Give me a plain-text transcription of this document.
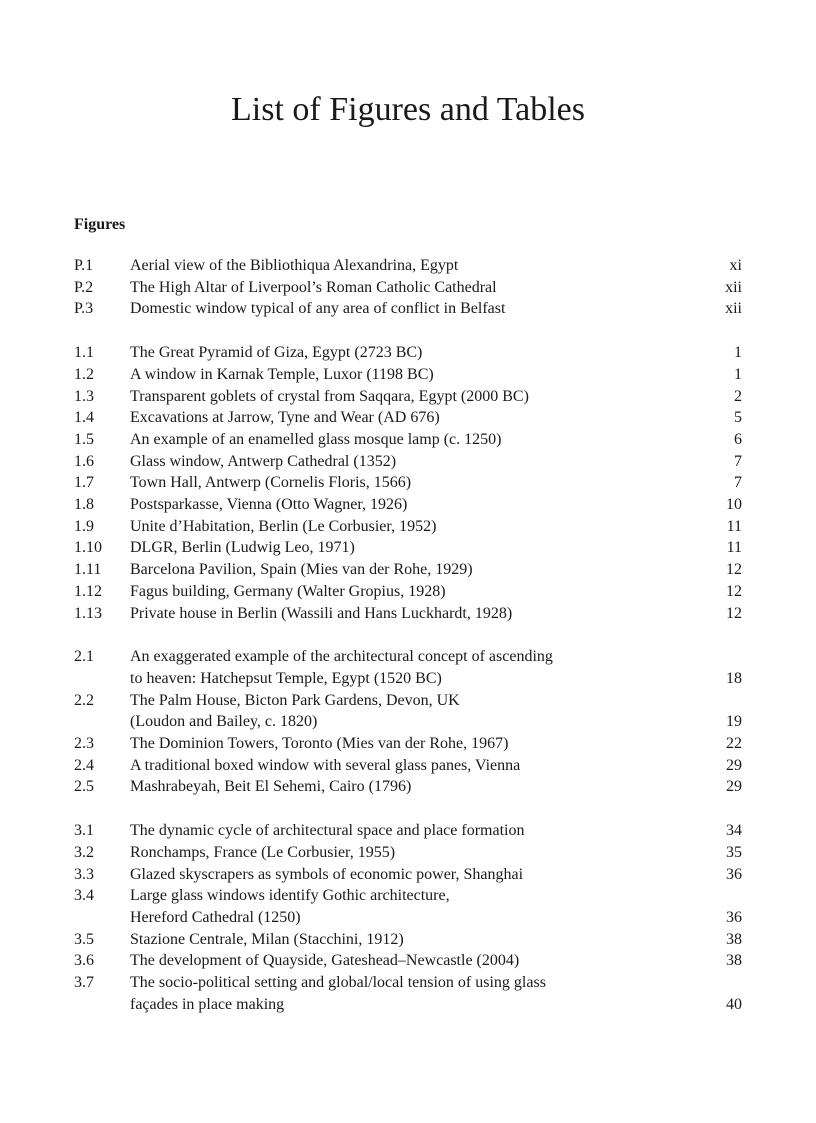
List of Figures and Tables
Figures
P.1 Aerial view of the Bibliothiqua Alexandrina, Egypt	xi
P.2 The High Altar of Liverpool’s Roman Catholic Cathedral	xii
P.3 Domestic window typical of any area of conflict in Belfast	xii
1.1 The Great Pyramid of Giza, Egypt (2723 BC)	1
1.2 A window in Karnak Temple, Luxor (1198 BC)	1
1.3 Transparent goblets of crystal from Saqqara, Egypt (2000 BC)	2
1.4 Excavations at Jarrow, Tyne and Wear (AD 676)	5
1.5 An example of an enamelled glass mosque lamp (c. 1250)	6
1.6 Glass window, Antwerp Cathedral (1352)	7
1.7 Town Hall, Antwerp (Cornelis Floris, 1566)	7
1.8 Postsparkasse, Vienna (Otto Wagner, 1926)	10
1.9 Unite d’Habitation, Berlin (Le Corbusier, 1952)	11
1.10 DLGR, Berlin (Ludwig Leo, 1971)	11
1.11 Barcelona Pavilion, Spain (Mies van der Rohe, 1929)	12
1.12 Fagus building, Germany (Walter Gropius, 1928)	12
1.13 Private house in Berlin (Wassili and Hans Luckhardt, 1928)	12
2.1 An exaggerated example of the architectural concept of ascending
to heaven: Hatchepsut Temple, Egypt (1520 BC)	18
2.2 The Palm House, Bicton Park Gardens, Devon, UK
(Loudon and Bailey, c. 1820)	19
2.3 The Dominion Towers, Toronto (Mies van der Rohe, 1967)	22
2.4 A traditional boxed window with several glass panes, Vienna	29
2.5 Mashrabeyah, Beit El Sehemi, Cairo (1796)	29
3.1 The dynamic cycle of architectural space and place formation	34
3.2 Ronchamps, France (Le Corbusier, 1955)	35
3.3 Glazed skyscrapers as symbols of economic power, Shanghai	36
3.4 Large glass windows identify Gothic architecture,
Hereford Cathedral (1250)	36
3.5 Stazione Centrale, Milan (Stacchini, 1912)	38
3.6 The development of Quayside, Gateshead–Newcastle (2004)	38
3.7 The socio-political setting and global/local tension of using glass
façades in place making	40
